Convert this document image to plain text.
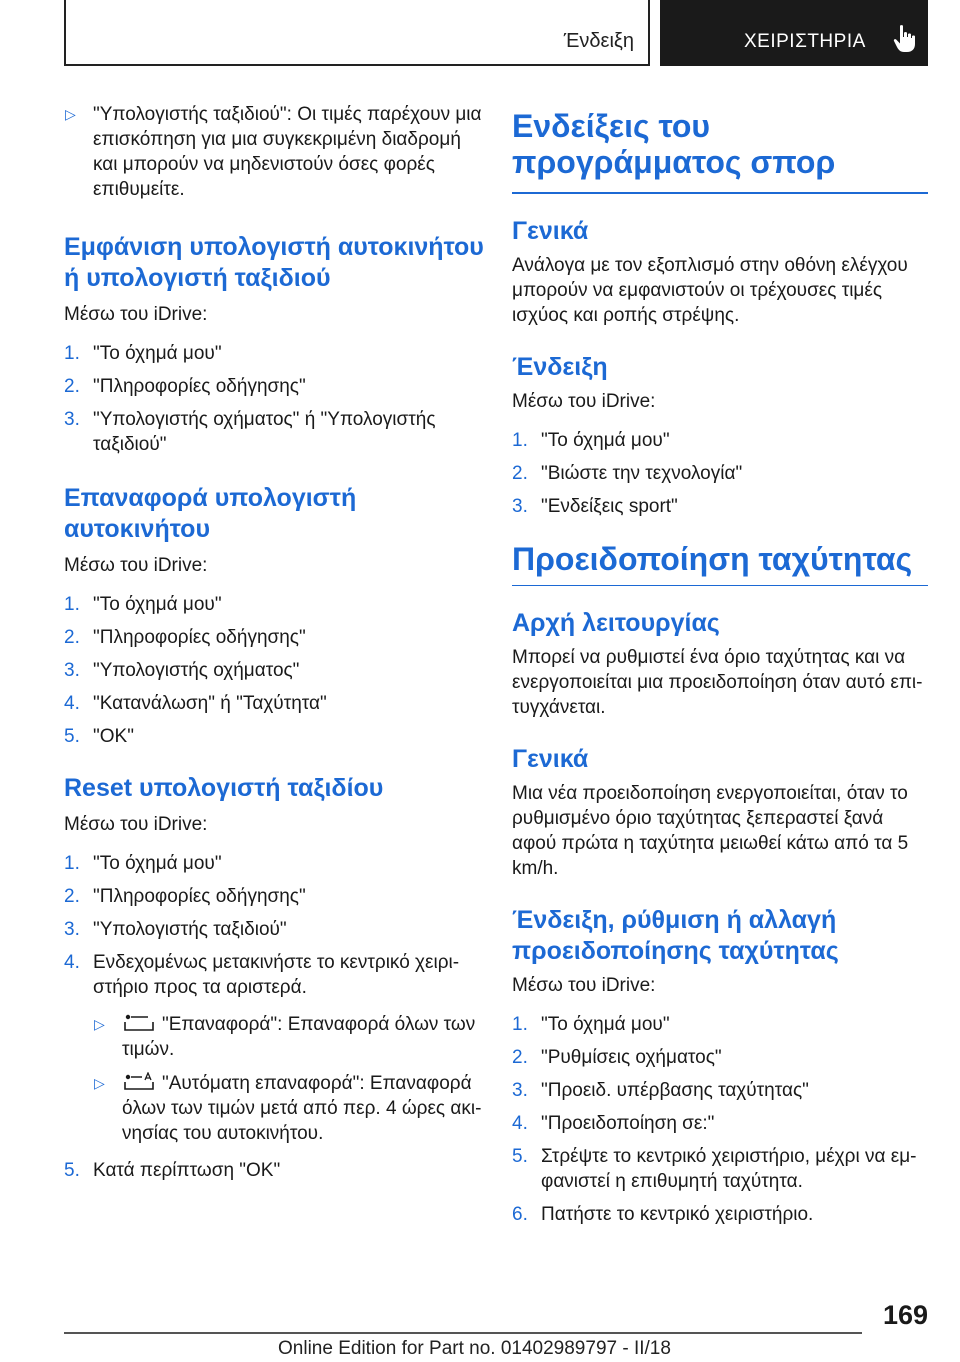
Ένδειξη	ΧΕΙΡΙΣΤΗΡΙΑ
▷ "Υπολογιστής ταξιδιού": Οι τιμές παρέχουν μια επισκόπηση για μια συγκεκριμένη διαδρομή και μπορούν να μηδενιστούν όσες φορές επιθυμείτε.
Εμφάνιση υπολογιστή αυτοκινήτου ή υπολογιστή ταξιδιού

Μέσω του iDrive:

1. "Το όχημά μου"
2. "Πληροφορίες οδήγησης"
3. "Υπολογιστής οχήματος" ή "Υπολογιστής ταξιδιού"
Επαναφορά υπολογιστή αυτοκινήτου

Μέσω του iDrive:

1. "Το όχημά μου"
2. "Πληροφορίες οδήγησης"
3. "Υπολογιστής οχήματος"
4. "Κατανάλωση" ή "Ταχύτητα"
5. "OK"
Reset υπολογιστή ταξιδίου

Μέσω του iDrive:

1. "Το όχημά μου"
2. "Πληροφορίες οδήγησης"
3. "Υπολογιστής ταξιδιού"
4. Ενδεχομένως μετακινήστε το κεντρικό χειριστήριο προς τα αριστερά.
▷	"Επαναφορά": Επαναφορά όλων των τιμών.
▷	"Αυτόματη επαναφορά": Επαναφορά όλων των τιμών μετά από περ. 4 ώρες ακινησίας του αυτοκινήτου.
5. Κατά περίπτωση "OK"
Ενδείξεις του προγράμματος σπορ
Γενικά

Ανάλογα με τον εξοπλισμό στην οθόνη ελέγχου μπορούν να εμφανιστούν οι τρέχουσες τιμές ισχύος και ροπής στρέψης.

Ένδειξη

Μέσω του iDrive:

1. "Το όχημά μου"
2. "Βιώστε την τεχνολογία"
3. "Ενδείξεις sport"
Προειδοποίηση ταχύτητας
Αρχή λειτουργίας

Μπορεί να ρυθμιστεί ένα όριο ταχύτητας και να ενεργοποιείται μια προειδοποίηση όταν αυτό επιτυγχάνεται.

Γενικά

Μια νέα προειδοποίηση ενεργοποιείται, όταν το ρυθμισμένο όριο ταχύτητας ξεπεραστεί ξανά αφού πρώτα η ταχύτητα μειωθεί κάτω από τα 5 km/h.

Ένδειξη, ρύθμιση ή αλλαγή προειδοποίησης ταχύτητας

Μέσω του iDrive:

1. "Το όχημά μου"
2. "Ρυθμίσεις οχήματος"
3. "Προειδ. υπέρβασης ταχύτητας"
4. "Προειδοποίηση σε:"
5. Στρέψτε το κεντρικό χειριστήριο, μέχρι να εμφανιστεί η επιθυμητή ταχύτητα.
6. Πατήστε το κεντρικό χειριστήριο.
169
Online Edition for Part no. 01402989797 - II/18
